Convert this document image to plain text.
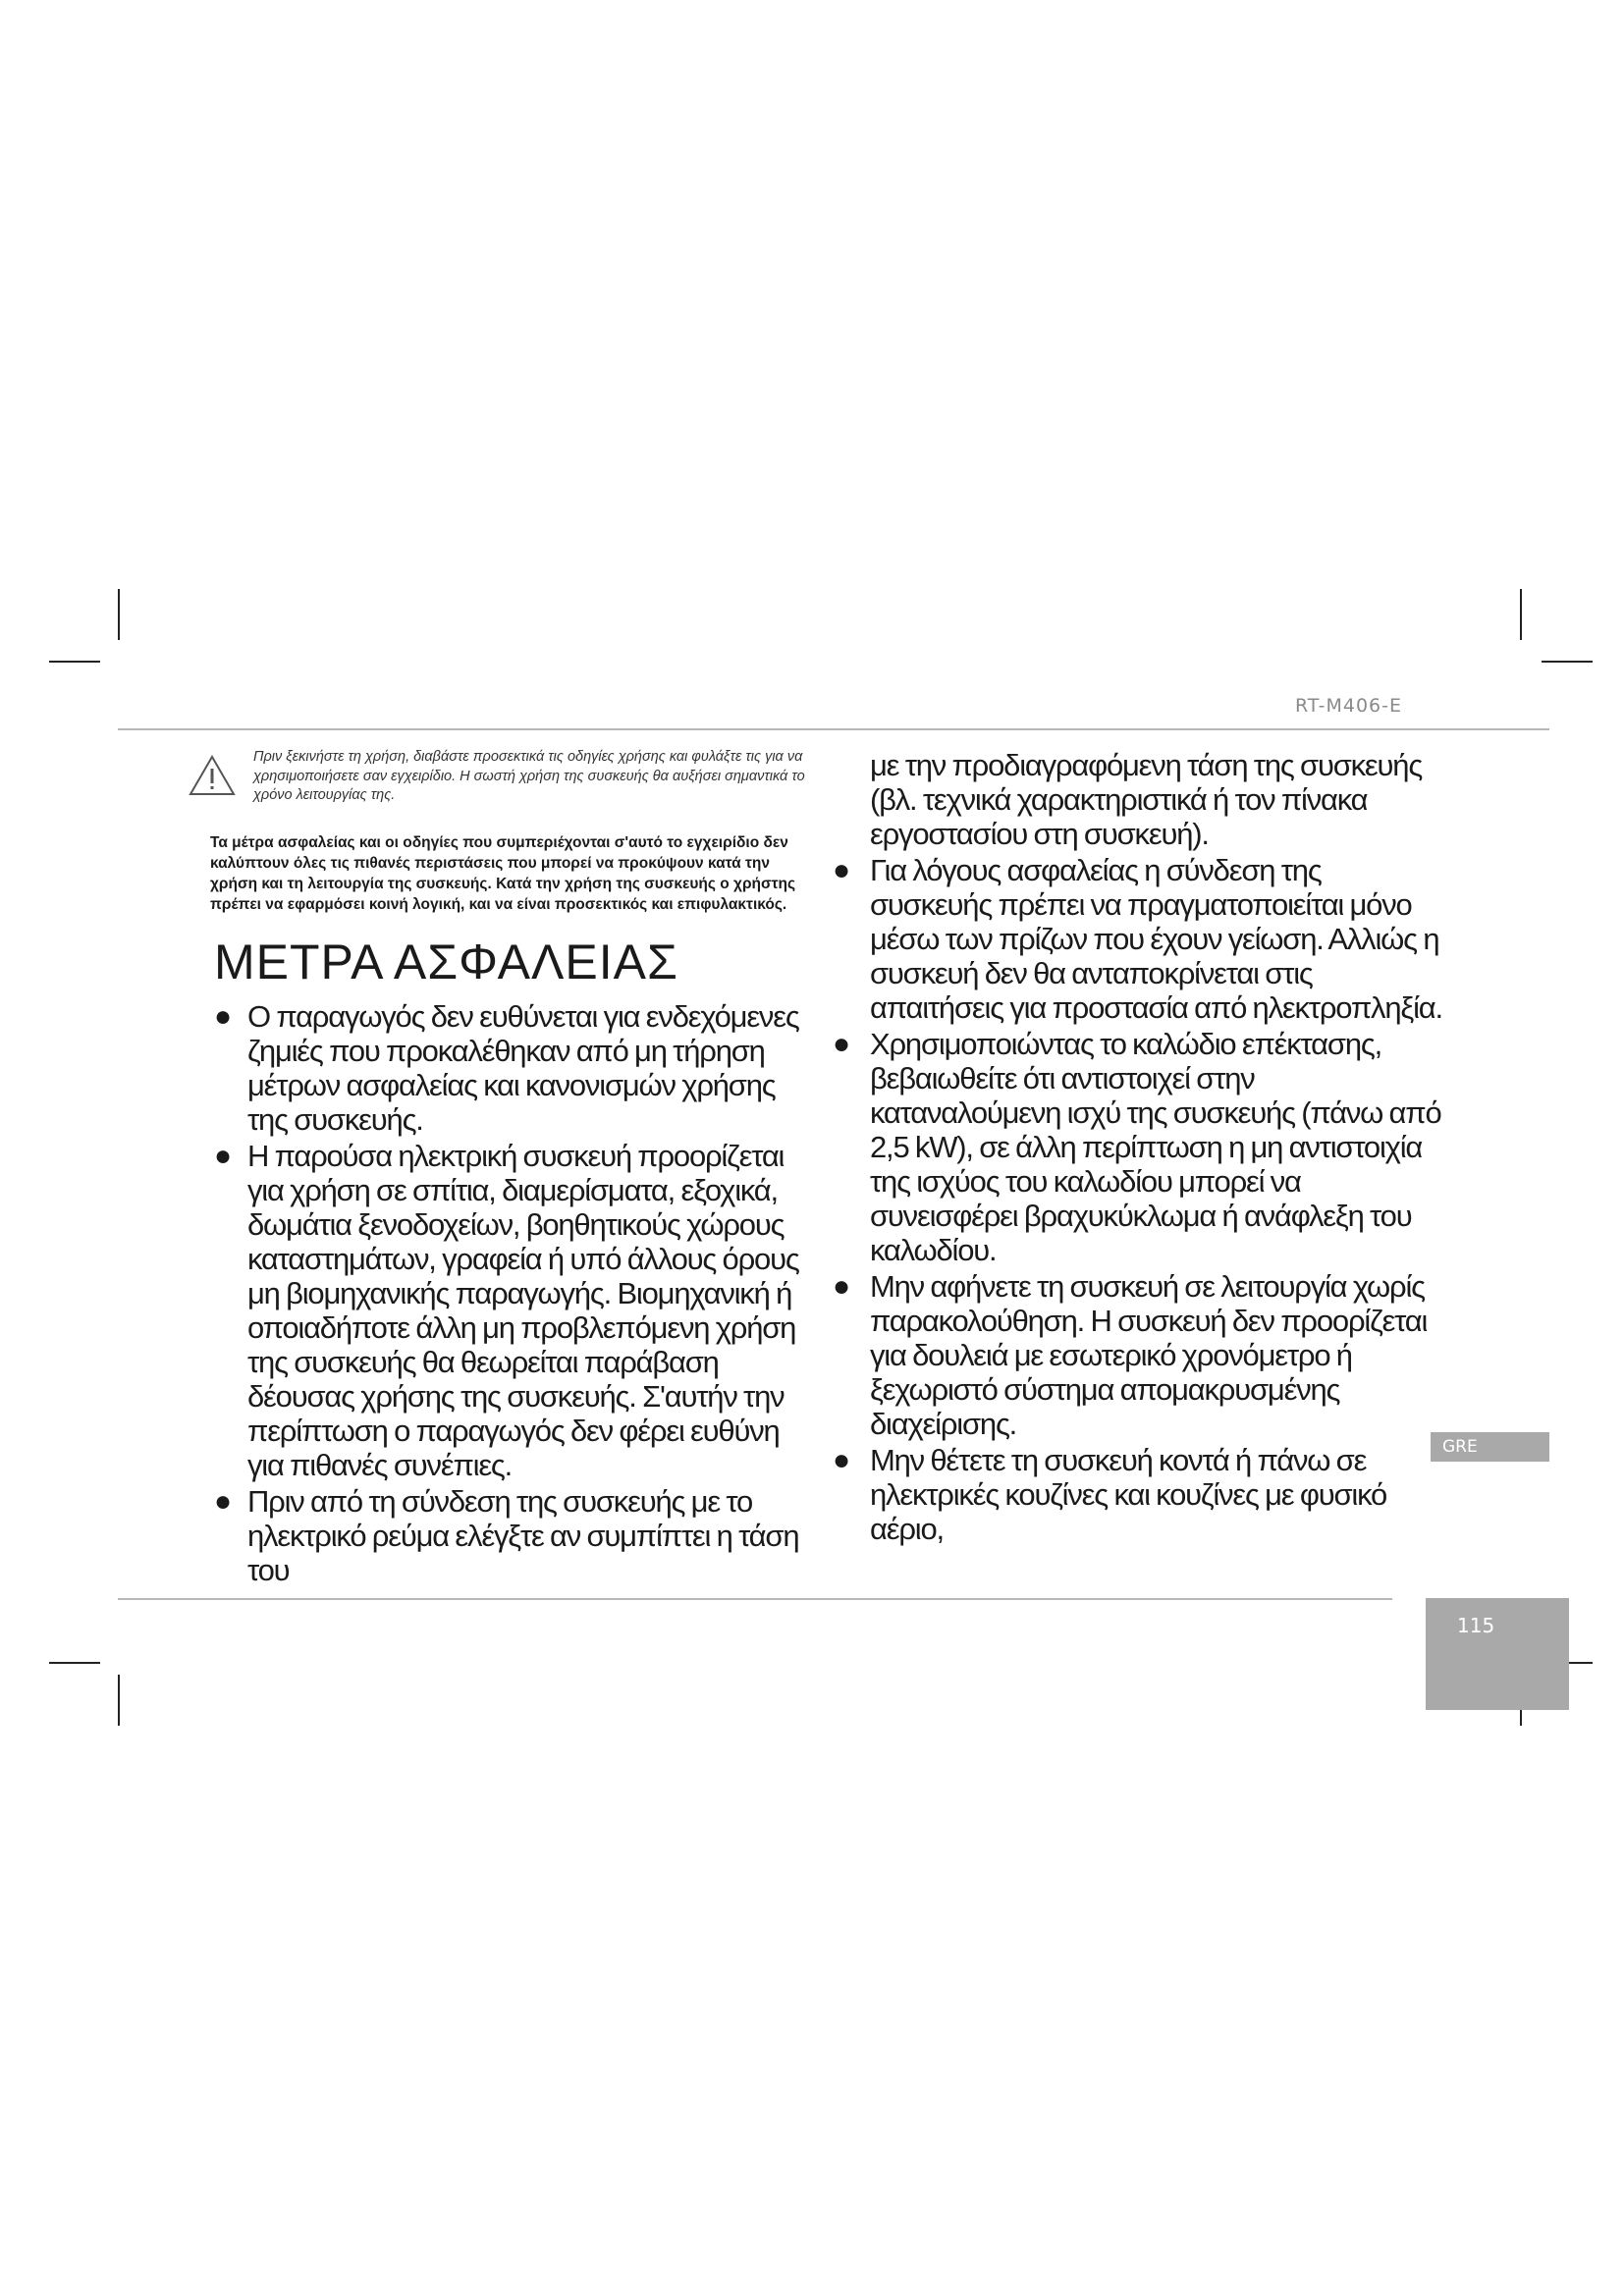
RT-M406-E

Πριν ξεκινήστε τη χρήση, διαβάστε προσεκτικά τις οδηγίες χρήσης και φυλάξτε τις για να χρησιμοποιήσετε σαν εγχειρίδιο. Η σωστή χρήση της συσκευής θα αυξήσει σημαντικά το χρόνο λειτουργίας της.

Τα μέτρα ασφαλείας και οι οδηγίες που συμπεριέχονται σ'αυτό το εγχειρίδιο δεν καλύπτουν όλες τις πιθανές περιστάσεις που μπορεί να προκύψουν κατά την χρήση και τη λειτουργία της συσκευής. Κατά την χρήση της συσκευής ο χρήστης πρέπει να εφαρμόσει κοινή λογική, και να είναι προσεκτικός και επιφυλακτικός.

ΜΕΤΡΑ ΑΣΦΑΛΕΙΑΣ
● Ο παραγωγός δεν ευθύνεται για ενδεχόμενες ζημιές που προκαλέθηκαν από μη τήρηση μέτρων ασφαλείας και κανονισμών χρήσης της συσκευής.
● Η παρούσα ηλεκτρική συσκευή προορίζεται για χρήση σε σπίτια, διαμερίσματα, εξοχικά, δωμάτια ξενοδοχείων, βοηθητικούς χώρους καταστημάτων, γραφεία ή υπό άλλους όρους μη βιομηχανικής παραγωγής. Βιομηχανική ή οποιαδήποτε άλλη μη προβλεπόμενη χρήση της συσκευής θα θεωρείται παράβαση δέουσας χρήσης της συσκευής. Σ'αυτήν την περίπτωση ο παραγωγός δεν φέρει ευθύνη για πιθανές συνέπιες.
● Πριν από τη σύνδεση της συσκευής με το ηλεκτρικό ρεύμα ελέγξτε αν συμπίπτει η τάση του

με την προδιαγραφόμενη τάση της συσκευής (βλ. τεχνικά χαρακτηριστικά ή τον πίνακα εργοστασίου στη συσκευή).

● Για λόγους ασφαλείας η σύνδεση της συσκευής πρέπει να πραγματοποιείται μόνο μέσω των πρίζων που έχουν γείωση. Αλλιώς η συσκευή δεν θα ανταποκρίνεται στις απαιτήσεις για προστασία από ηλεκτροπληξία.
● Χρησιμοποιώντας το καλώδιο επέκτασης, βεβαιωθείτε ότι αντιστοιχεί στην καταναλούμενη ισχύ της συσκευής (πάνω από 2,5 kW), σε άλλη περίπτωση η μη αντιστοιχία της ισχύος του καλωδίου μπορεί να συνεισφέρει βραχυκύκλωμα ή ανάφλεξη του καλωδίου.
● Μην αφήνετε τη συσκευή σε λειτουργία χωρίς παρακολούθηση. Η συσκευή δεν προορίζεται για δουλειά με εσωτερικό χρονόμετρο ή ξεχωριστό σύστημα απομακρυσμένης διαχείρισης.
● Μην θέτετε τη συσκευή κοντά ή πάνω σε ηλεκτρικές κουζίνες και κουζίνες με φυσικό αέριο,
GRE
115
